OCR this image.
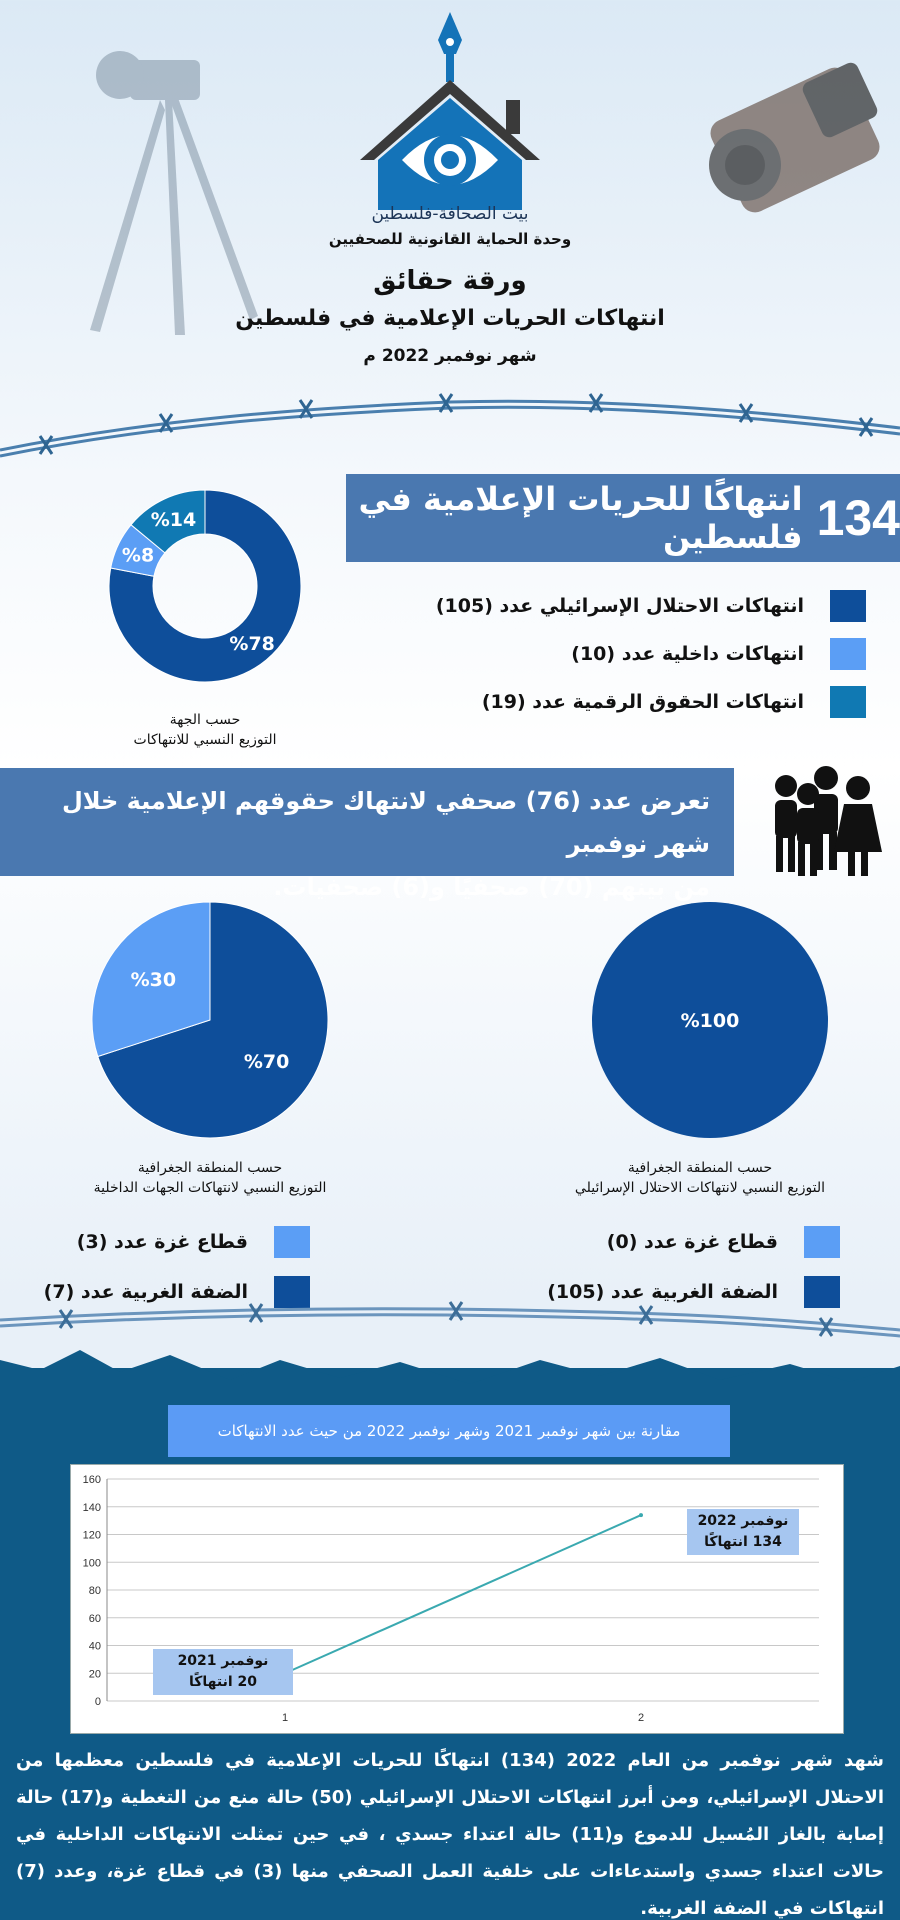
بيت الصحافة-فلسطين
وحدة الحماية القانونية للصحفيين
ورقة حقائق
انتهاكات الحريات الإعلامية في فلسطين
شهر نوفمبر 2022 م
%78
%8
%14
حسب الجهة
التوزيع النسبي للانتهاكات
134
انتهاكًا للحريات الإعلامية في فلسطين
انتهاكات الاحتلال الإسرائيلي عدد (105)
انتهاكات داخلية عدد (10)
انتهاكات الحقوق الرقمية عدد (19)
تعرض عدد (76) صحفي لانتهاك حقوقهم الإعلامية خلال شهر نوفمبر
من بينهم (70) صحفيًا و(6) صحفيات.
%70
%30
حسب المنطقة الجغرافية
التوزيع النسبي لانتهاكات الجهات الداخلية
%100
حسب المنطقة الجغرافية
التوزيع النسبي لانتهاكات الاحتلال الإسرائيلي
قطاع غزة عدد (3)
الضفة الغربية عدد (7)
قطاع غزة عدد (0)
الضفة الغربية عدد (105)
مقارنة بين شهر نوفمبر 2021 وشهر نوفمبر 2022 من حيث عدد الانتهاكات
0
20
40
60
80
100
120
140
160
1	2
نوفمبر 2021
20 انتهاكًا
نوفمبر 2022
134 انتهاكًا
شهد شهر نوفمبر من العام 2022 (134) انتهاكًا للحريات الإعلامية في فلسطين معظمها من الاحتلال الإسرائيلي، ومن أبرز انتهاكات الاحتلال الإسرائيلي (50) حالة منع من التغطية و(17) حالة إصابة بالغاز المُسيل للدموع و(11) حالة اعتداء جسدي ، في حين تمثلت الانتهاكات الداخلية في حالات اعتداء جسدي واستدعاءات على خلفية العمل الصحفي منها (3) في قطاع غزة، وعدد (7) انتهاكات في الضفة الغربية.
